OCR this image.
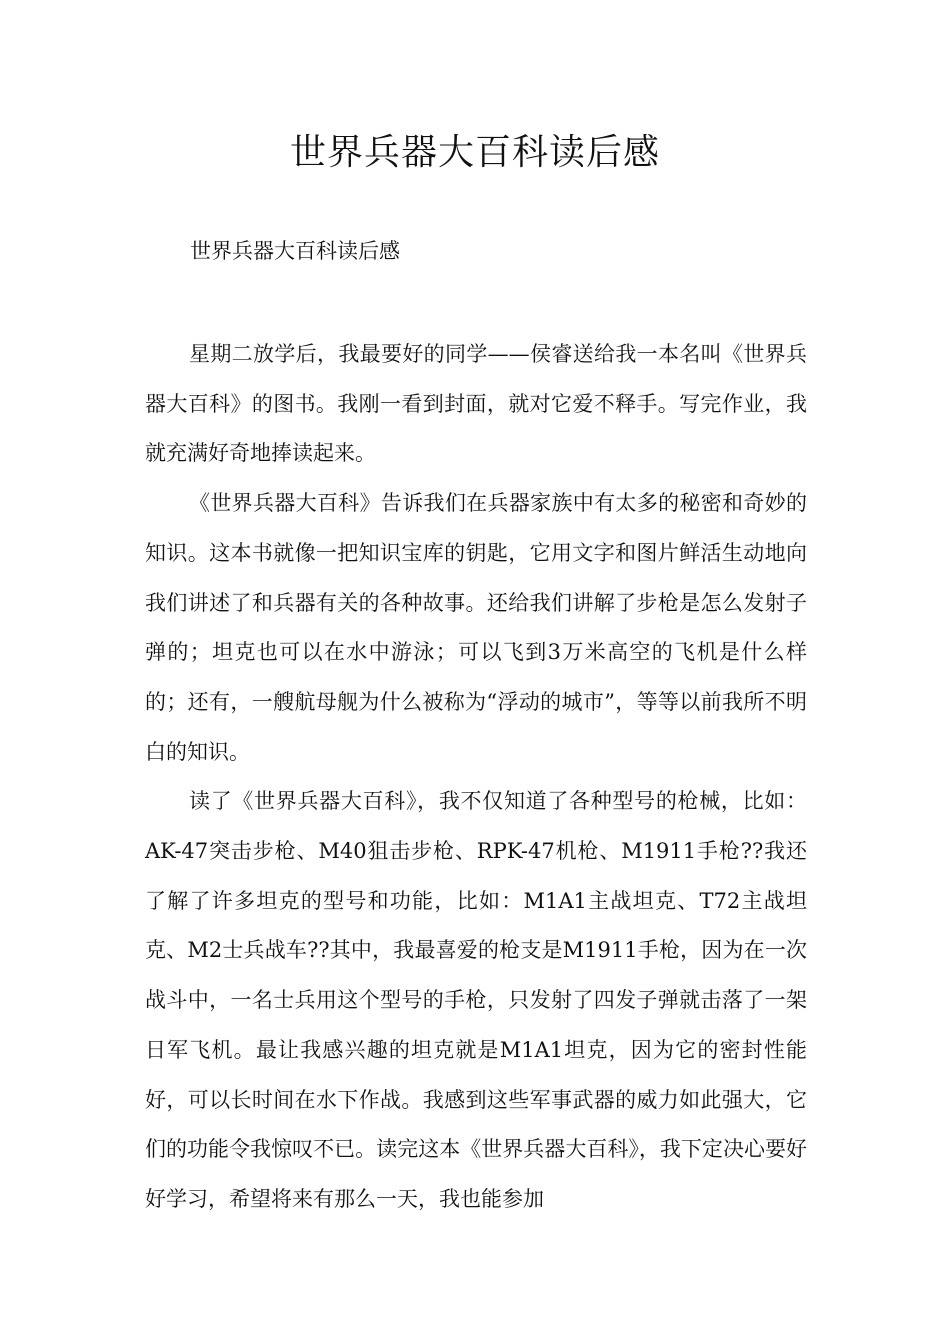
世界兵器大百科读后感

世界兵器大百科读后感

星期二放学后，我最要好的同学——侯睿送给我一本名叫《世界兵器大百科》的图书。我刚一看到封面，就对它爱不释手。写完作业，我就充满好奇地捧读起来。

《世界兵器大百科》告诉我们在兵器家族中有太多的秘密和奇妙的知识。这本书就像一把知识宝库的钥匙，它用文字和图片鲜活生动地向我们讲述了和兵器有关的各种故事。还给我们讲解了步枪是怎么发射子弹的；坦克也可以在水中游泳；可以飞到3万米高空的飞机是什么样的；还有，一艘航母舰为什么被称为“浮动的城市”，等等以前我所不明白的知识。

读了《世界兵器大百科》，我不仅知道了各种型号的枪械，比如：AK-47突击步枪、M40狙击步枪、RPK-47机枪、M1911手枪??我还了解了许多坦克的型号和功能，比如：M1A1主战坦克、T72主战坦克、M2士兵战车??其中，我最喜爱的枪支是M1911手枪，因为在一次战斗中，一名士兵用这个型号的手枪，只发射了四发子弹就击落了一架日军飞机。最让我感兴趣的坦克就是M1A1坦克，因为它的密封性能好，可以长时间在水下作战。我感到这些军事武器的威力如此强大，它们的功能令我惊叹不已。读完这本《世界兵器大百科》，我下定决心要好好学习，希望将来有那么一天，我也能参加
